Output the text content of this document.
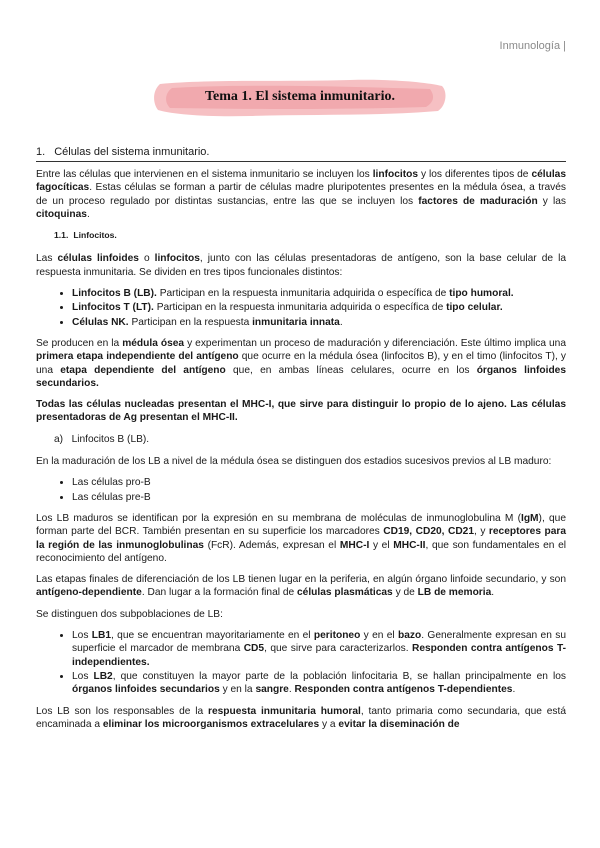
Inmunología |
Tema 1. El sistema inmunitario.
1. Células del sistema inmunitario.

Entre las células que intervienen en el sistema inmunitario se incluyen los linfocitos y los diferentes tipos de células fagocíticas. Estas células se forman a partir de células madre pluripotentes presentes en la médula ósea, a través de un proceso regulado por distintas sustancias, entre las que se incluyen los factores de maduración y las citoquinas.

1.1. Linfocitos.

Las células linfoides o linfocitos, junto con las células presentadoras de antígeno, son la base celular de la respuesta inmunitaria. Se dividen en tres tipos funcionales distintos:

• Linfocitos B (LB). Participan en la respuesta inmunitaria adquirida o específica de tipo humoral.
• Linfocitos T (LT). Participan en la respuesta inmunitaria adquirida o específica de tipo celular.
• Células NK. Participan en la respuesta inmunitaria innata.

Se producen en la médula ósea y experimentan un proceso de maduración y diferenciación. Este último implica una primera etapa independiente del antígeno que ocurre en la médula ósea (linfocitos B), y en el timo (linfocitos T), y una etapa dependiente del antígeno que, en ambas líneas celulares, ocurre en los órganos linfoides secundarios.

Todas las células nucleadas presentan el MHC-I, que sirve para distinguir lo propio de lo ajeno. Las células presentadoras de Ag presentan el MHC-II.

a) Linfocitos B (LB).

En la maduración de los LB a nivel de la médula ósea se distinguen dos estadios sucesivos previos al LB maduro:

• Las células pro-B
• Las células pre-B

Los LB maduros se identifican por la expresión en su membrana de moléculas de inmunoglobulina M (IgM), que forman parte del BCR. También presentan en su superficie los marcadores CD19, CD20, CD21, y receptores para la región de las inmunoglobulinas (FcR). Además, expresan el MHC-I y el MHC-II, que son fundamentales en el reconocimiento del antígeno.

Las etapas finales de diferenciación de los LB tienen lugar en la periferia, en algún órgano linfoide secundario, y son antígeno-dependiente. Dan lugar a la formación final de células plasmáticas y de LB de memoria.

Se distinguen dos subpoblaciones de LB:

• Los LB1, que se encuentran mayoritariamente en el peritoneo y en el bazo. Generalmente expresan en su superficie el marcador de membrana CD5, que sirve para caracterizarlos. Responden contra antígenos T-independientes.
• Los LB2, que constituyen la mayor parte de la población linfocitaria B, se hallan principalmente en los órganos linfoides secundarios y en la sangre. Responden contra antígenos T-dependientes.

Los LB son los responsables de la respuesta inmunitaria humoral, tanto primaria como secundaria, que está encaminada a eliminar los microorganismos extracelulares y a evitar la diseminación de
